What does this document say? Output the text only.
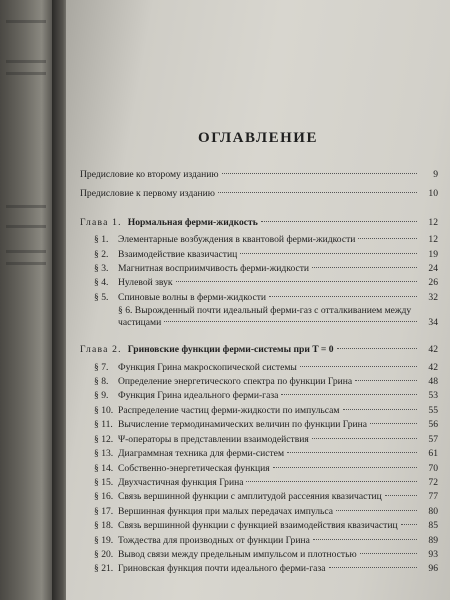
ОГЛАВЛЕНИЕ
Предисловие ко второму изданию	9
Предисловие к первому изданию	10
Глава 1. Нормальная ферми-жидкость	12
§ 1.	Элементарные возбуждения в квантовой ферми-жидкости	12
§ 2.	Взаимодействие квазичастиц	19
§ 3.	Магнитная восприимчивость ферми-жидкости	24
§ 4.	Нулевой звук	26
§ 5.	Спиновые волны в ферми-жидкости	32
§ 6. Вырожденный почти идеальный ферми-газ с отталкиванием между
частицами	34
Глава 2. Гриновские функции ферми-системы при T = 0	42
§ 7.	Функция Грина макроскопической системы	42
§ 8.	Определение энергетического спектра по функции Грина	48
§ 9.	Функция Грина идеального ферми-газа	53
§ 10. Распределение частиц ферми-жидкости по импульсам	55
§ 11. Вычисление термодинамических величин по функции Грина	56
§ 12. Ψ-операторы в представлении взаимодействия	57
§ 13. Диаграммная техника для ферми-систем	61
§ 14. Собственно-энергетическая функция	70
§ 15. Двухчастичная функция Грина	72
§ 16. Связь вершинной функции с амплитудой рассеяния квазичастиц	77
§ 17. Вершинная функция при малых передачах импульса	80
§ 18. Связь вершинной функции с функцией взаимодействия квазичастиц	85
§ 19. Тождества для производных от функции Грина	89
§ 20. Вывод связи между предельным импульсом и плотностью	93
§ 21. Гриновская функция почти идеального ферми-газа	96
